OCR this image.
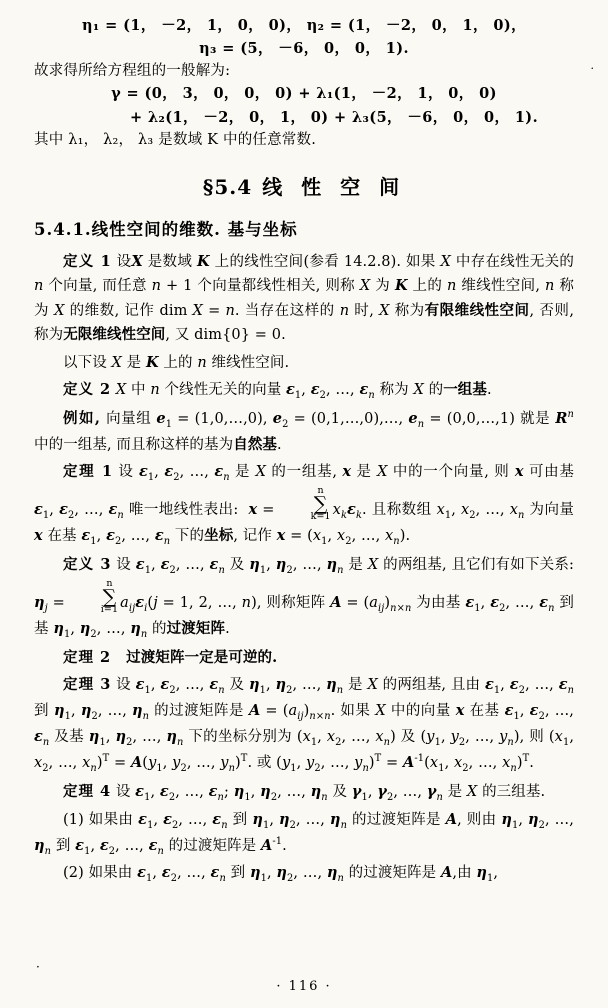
·
η₁ = (1， －2， 1， 0， 0)， η₂ = (1， －2， 0， 1， 0)，
η₃ = (5， －6， 0， 0， 1).
故求得所给方程组的一般解为:
γ = (0， 3， 0， 0， 0) + λ₁(1， －2， 1， 0， 0)
+ λ₂(1， －2， 0， 1， 0) + λ₃(5， －6， 0， 0， 1).
其中 λ₁， λ₂， λ₃ 是数域 K 中的任意常数.
§5.4 线 性 空 间
5.4.1.线性空间的维数. 基与坐标
定义 1 设X 是数域 K 上的线性空间(参看 14.2.8). 如果 X 中存在线性无关的 n 个向量, 而任意 n + 1 个向量都线性相关, 则称 X 为 K 上的 n 维线性空间, n 称为 X 的维数, 记作 dim X = n. 当存在这样的 n 时, X 称为有限维线性空间, 否则, 称为无限维线性空间, 又 dim{0} = 0.
以下设 X 是 K 上的 n 维线性空间.
定义 2 X 中 n 个线性无关的向量 $\varepsilon_1$, $\varepsilon_2$, …, $\varepsilon_n$ 称为 X 的一组基.
例如, 向量组 $e_1$ = (1,0,…,0), $e_2$ = (0,1,…,0),…, $e_n$ = (0,0,…,1) 就是 $R^n$ 中的一组基, 而且称这样的基为自然基.
定理 1 设 $\varepsilon_1$, $\varepsilon_2$, …, $\varepsilon_n$ 是 X 的一组基, x 是 X 中的一个向量, 则 x 可由基 $\varepsilon_1$, $\varepsilon_2$, …, $\varepsilon_n$ 唯一地线性表出:  x =
n
∑
k=1 $x_k\varepsilon_k$. 且称数组 $x_1$, $x_2$, …, $x_n$ 为向量 x 在基 $\varepsilon_1$, $\varepsilon_2$, …, $\varepsilon_n$ 下的坐标, 记作 $x = (x_1$, $x_2$, …, $x_n$).
定义 3 设 $\varepsilon_1$, $\varepsilon_2$, …, $\varepsilon_n$ 及 $\eta_1$, $\eta_2$, …, $\eta_n$ 是 X 的两组基, 且它们有如下关系: $\eta_j$ =
n
∑
i=1 $a_{ij}\varepsilon_i(j = 1$, 2, …, n), 则称矩阵 $A = (a_{ij})_{n\times n}$ 为由基 $\varepsilon_1$, $\varepsilon_2$, …, $\varepsilon_n$ 到基 $\eta_1$, $\eta_2$, …, $\eta_n$ 的过渡矩阵.
定理 2   过渡矩阵一定是可逆的.
定理 3 设 $\varepsilon_1$, $\varepsilon_2$, …, $\varepsilon_n$ 及 $\eta_1$, $\eta_2$, …, $\eta_n$ 是 X 的两组基, 且由 $\varepsilon_1$, $\varepsilon_2$, …, $\varepsilon_n$ 到 $\eta_1$, $\eta_2$, …, $\eta_n$ 的过渡矩阵是 $A = (a_{ij})_{n\times n}$. 如果 X 中的向量 x 在基 $\varepsilon_1$, $\varepsilon_2$, …, $\varepsilon_n$ 及基 $\eta_1$, $\eta_2$, …, $\eta_n$ 下的坐标分别为 ($x_1$, $x_2$, …, $x_n$) 及 ($y_1$, $y_2$, …, $y_n$), 则 ($x_1$, $x_2$, …, $x_n)^T = A(y_1$, $y_2$, …, $y_n)^T$. 或 ($y_1$, $y_2$, …, $y_n)^T = A^{-1}(x_1$, $x_2$, …, $x_n)^T$.
定理 4 设 $\varepsilon_1$, $\varepsilon_2$, …, $\varepsilon_n$; $\eta_1$, $\eta_2$, …, $\eta_n$ 及 $\gamma_1$, $\gamma_2$, …, $\gamma_n$ 是 X 的三组基.
(1) 如果由 $\varepsilon_1$, $\varepsilon_2$, …, $\varepsilon_n$ 到 $\eta_1$, $\eta_2$, …, $\eta_n$ 的过渡矩阵是 A, 则由 $\eta_1$, $\eta_2$, …, $\eta_n$ 到 $\varepsilon_1$, $\varepsilon_2$, …, $\varepsilon_n$ 的过渡矩阵是 $A^{-1}$.
(2) 如果由 $\varepsilon_1$, $\varepsilon_2$, …, $\varepsilon_n$ 到 $\eta_1$, $\eta_2$, …, $\eta_n$ 的过渡矩阵是 A,由 $\eta_1$,
·
· 116 ·
